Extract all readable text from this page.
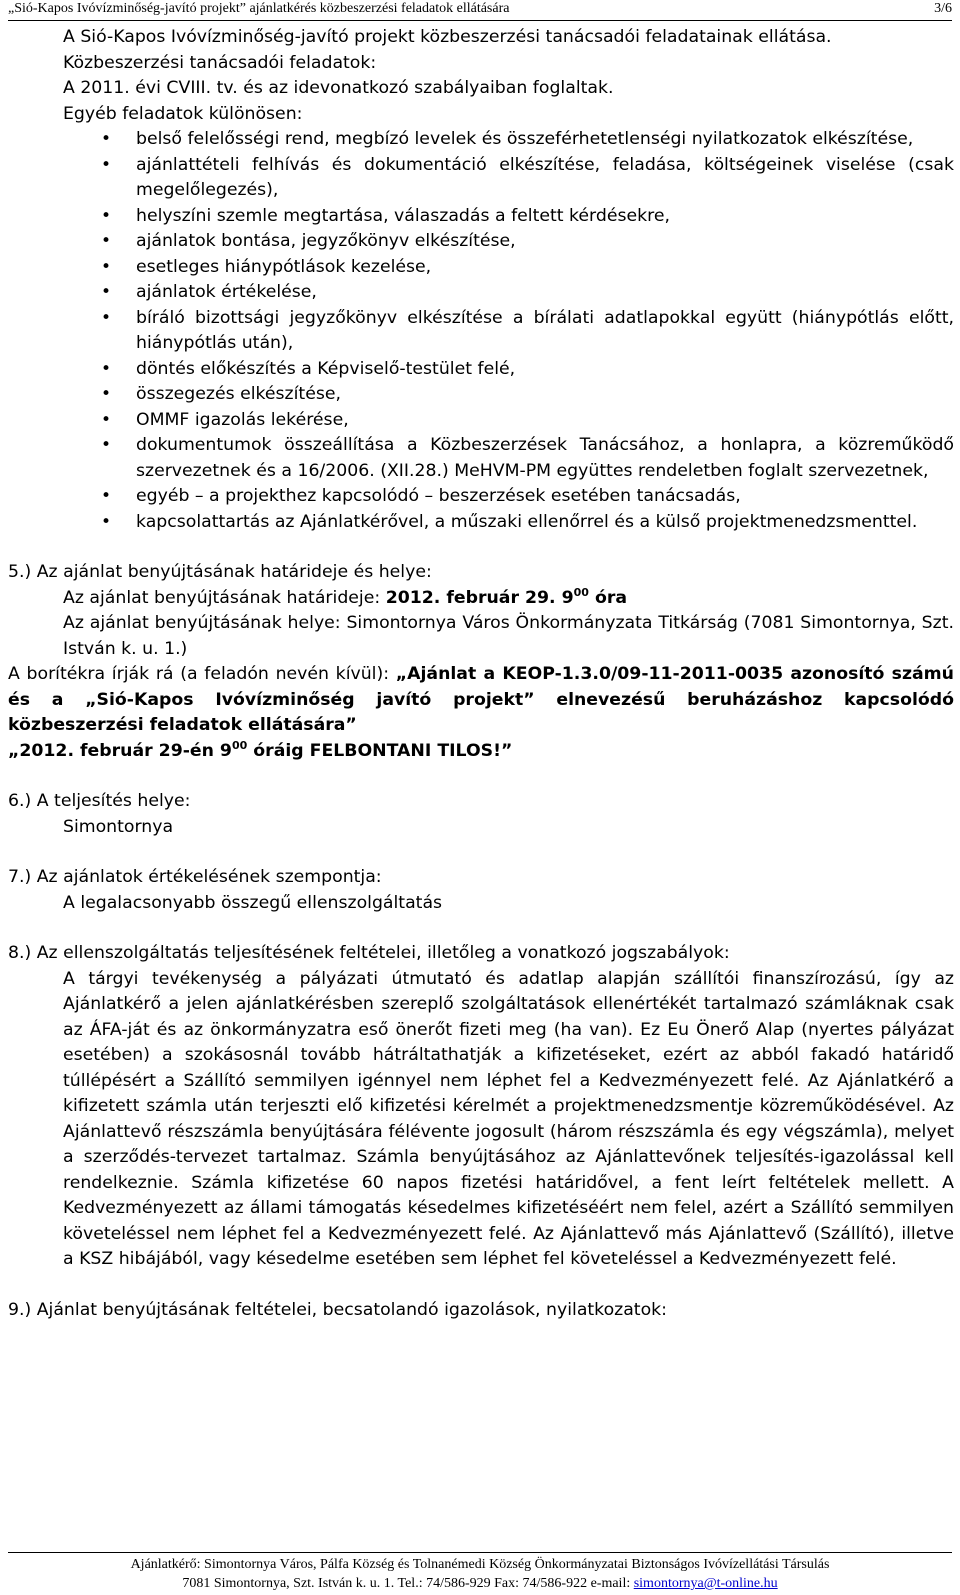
„Sió-Kapos Ivóvízminőség-javító projekt” ajánlatkérés közbeszerzési feladatok ellátására	3/6

A Sió-Kapos Ivóvízminőség-javító projekt közbeszerzési tanácsadói feladatainak ellátása.

Közbeszerzési tanácsadói feladatok:

A 2011. évi CVIII. tv. és az idevonatkozó szabályaiban foglaltak.

Egyéb feladatok különösen:

• belső felelősségi rend, megbízó levelek és összeférhetetlenségi nyilatkozatok elkészítése,
• ajánlattételi felhívás és dokumentáció elkészítése, feladása, költségeinek viselése (csak megelőlegezés),
• helyszíni szemle megtartása, válaszadás a feltett kérdésekre,
• ajánlatok bontása, jegyzőkönyv elkészítése,
• esetleges hiánypótlások kezelése,
• ajánlatok értékelése,
• bíráló bizottsági jegyzőkönyv elkészítése a bírálati adatlapokkal együtt (hiánypótlás előtt, hiánypótlás után),
• döntés előkészítés a Képviselő-testület felé,
• összegezés elkészítése,
• OMMF igazolás lekérése,
• dokumentumok összeállítása a Közbeszerzések Tanácsához, a honlapra, a közreműködő szervezetnek és a 16/2006. (XII.28.) MeHVM-PM együttes rendeletben foglalt szervezetnek,
• egyéb – a projekthez kapcsolódó – beszerzések esetében tanácsadás,
• kapcsolattartás az Ajánlatkérővel, a műszaki ellenőrrel és a külső projektmenedzsmenttel.

5.) Az ajánlat benyújtásának határideje és helye:

Az ajánlat benyújtásának határideje: 2012. február 29. $9^{00}$ óra

Az ajánlat benyújtásának helye: Simontornya Város Önkormányzata Titkárság (7081 Simontornya, Szt. István k. u. 1.)

A borítékra írják rá (a feladón nevén kívül): „Ajánlat a KEOP-1.3.0/09-11-2011-0035 azonosító számú és a „Sió-Kapos Ivóvízminőség javító projekt” elnevezésű beruházáshoz kapcsolódó közbeszerzési feladatok ellátására”

„2012. február 29-én $9^{00}$ óráig FELBONTANI TILOS!”

6.) A teljesítés helye:

Simontornya

7.) Az ajánlatok értékelésének szempontja:

A legalacsonyabb összegű ellenszolgáltatás

8.) Az ellenszolgáltatás teljesítésének feltételei, illetőleg a vonatkozó jogszabályok:

A tárgyi tevékenység a pályázati útmutató és adatlap alapján szállítói finanszírozású, így az Ajánlatkérő a jelen ajánlatkérésben szereplő szolgáltatások ellenértékét tartalmazó számláknak csak az ÁFA-ját és az önkormányzatra eső önerőt fizeti meg (ha van). Ez Eu Önerő Alap (nyertes pályázat esetében) a szokásosnál tovább hátráltathatják a kifizetéseket, ezért az abból fakadó határidő túllépésért a Szállító semmilyen igénnyel nem léphet fel a Kedvezményezett felé. Az Ajánlatkérő a kifizetett számla után terjeszti elő kifizetési kérelmét a projektmenedzsmentje közreműködésével. Az Ajánlattevő részszámla benyújtására félévente jogosult (három részszámla és egy végszámla), melyet a szerződés-tervezet tartalmaz. Számla benyújtásához az Ajánlattevőnek teljesítés-igazolással kell rendelkeznie. Számla kifizetése 60 napos fizetési határidővel, a fent leírt feltételek mellett. A Kedvezményezett az állami támogatás késedelmes kifizetéséért nem felel, azért a Szállító semmilyen követeléssel nem léphet fel a Kedvezményezett felé. Az Ajánlattevő más Ajánlattevő (Szállító), illetve a KSZ hibájából, vagy késedelme esetében sem léphet fel követeléssel a Kedvezményezett felé.

9.) Ajánlat benyújtásának feltételei, becsatolandó igazolások, nyilatkozatok:

Ajánlatkérő: Simontornya Város, Pálfa Község és Tolnanémedi Község Önkormányzatai Biztonságos Ivóvízellátási Társulás
7081 Simontornya, Szt. István k. u. 1. Tel.: 74/586-929 Fax: 74/586-922 e-mail: simontornya@t-online.hu
